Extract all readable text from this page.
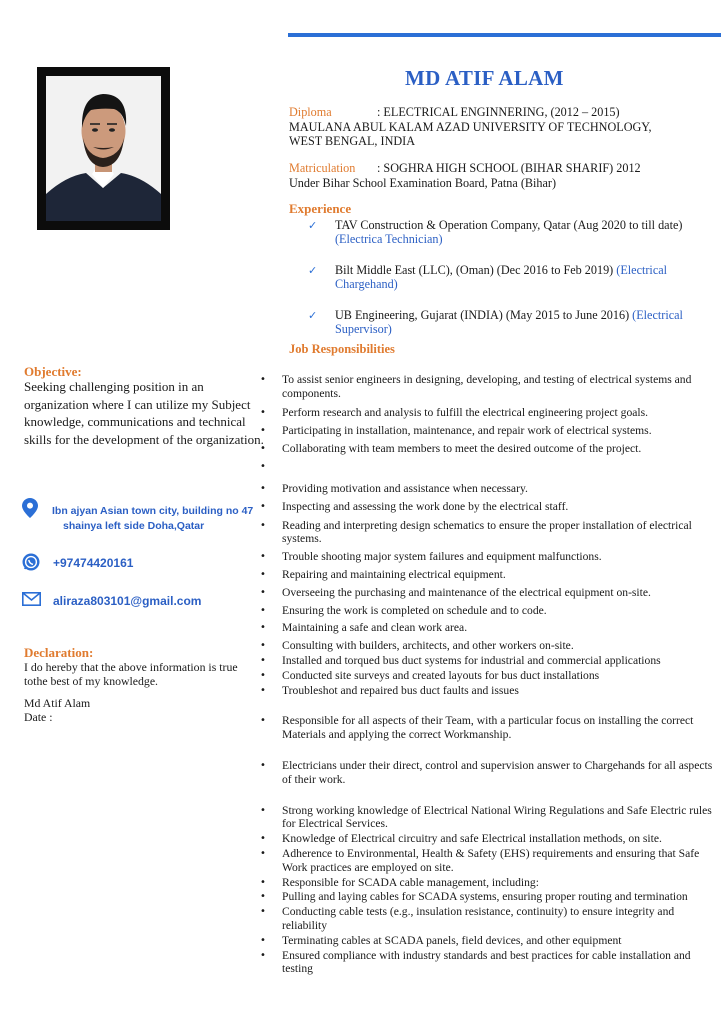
MD ATIF ALAM
Diploma	: ELECTRICAL ENGINNERING, (2012 – 2015)
MAULANA ABUL KALAM AZAD UNIVERSITY OF TECHNOLOGY,
WEST BENGAL, INDIA
Matriculation : SOGHRA HIGH SCHOOL (BIHAR SHARIF) 2012
Under Bihar School Examination Board, Patna (Bihar)
Experience
✓ TAV Construction & Operation Company, Qatar (Aug 2020 to till date) (Electrica Technician)
✓ Bilt Middle East (LLC), (Oman) (Dec 2016 to Feb 2019) (Electrical Chargehand)
✓ UB Engineering, Gujarat (INDIA) (May 2015 to June 2016) (Electrical Supervisor)
Job Responsibilities
• To assist senior engineers in designing, developing, and testing of electrical systems and components.
• Perform research and analysis to fulfill the electrical engineering project goals.
• Participating in installation, maintenance, and repair work of electrical systems.
• Collaborating with team members to meet the desired outcome of the project.
•
• Providing motivation and assistance when necessary.
• Inspecting and assessing the work done by the electrical staff.
• Reading and interpreting design schematics to ensure the proper installation of electrical systems.
• Trouble shooting major system failures and equipment malfunctions.
• Repairing and maintaining electrical equipment.
• Overseeing the purchasing and maintenance of the electrical equipment on-site.
• Ensuring the work is completed on schedule and to code.
• Maintaining a safe and clean work area.
• Consulting with builders, architects, and other workers on-site.
• Installed and torqued bus duct systems for industrial and commercial applications
• Conducted site surveys and created layouts for bus duct installations
• Troubleshot and repaired bus duct faults and issues
• Responsible for all aspects of their Team, with a particular focus on installing the correct Materials and applying the correct Workmanship.
• Electricians under their direct, control and supervision answer to Chargehands for all aspects of their work.
• Strong working knowledge of Electrical National Wiring Regulations and Safe Electric rules for Electrical Services.
• Knowledge of Electrical circuitry and safe Electrical installation methods, on site.
• Adherence to Environmental, Health & Safety (EHS) requirements and ensuring that Safe Work practices are employed on site.
• Responsible for SCADA cable management, including:
• Pulling and laying cables for SCADA systems, ensuring proper routing and termination
• Conducting cable tests (e.g., insulation resistance, continuity) to ensure integrity and reliability
• Terminating cables at SCADA panels, field devices, and other equipment
• Ensured compliance with industry standards and best practices for cable installation and testing
Objective:
Seeking challenging position in an organization where I can utilize my Subject knowledge, communications and technical skills for the development of the organization.
Ibn ajyan Asian town city, building no 47
shainya left side Doha,Qatar
+97474420161
aliraza803101@gmail.com
Declaration:
I do hereby that the above information is true tothe best of my knowledge.
Md Atif Alam
Date :
